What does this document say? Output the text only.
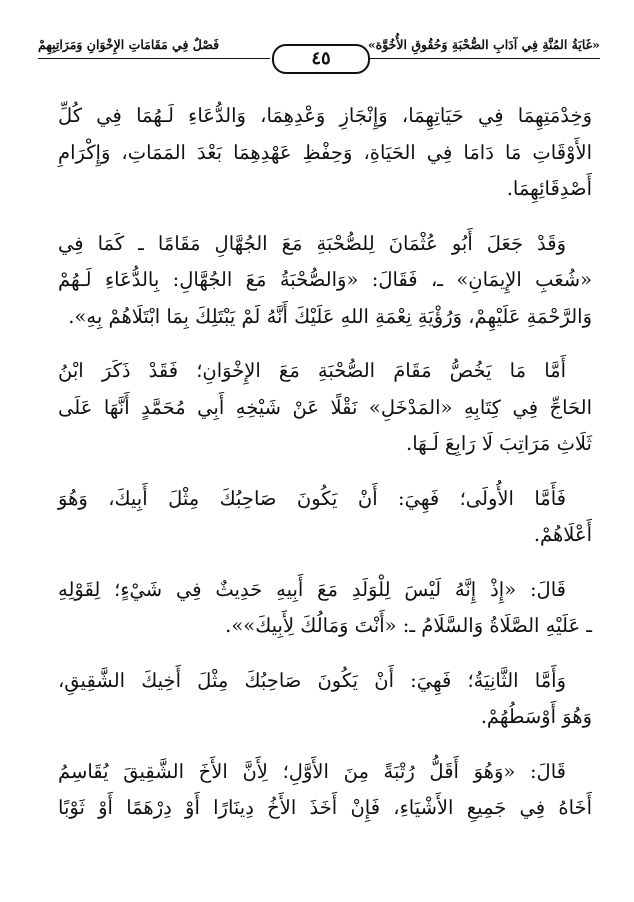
«غَايَةُ المُنَّةِ فِي آدَابِ الصُّحْبَةِ وَحُقُوقِ الأُخُوَّة»
فَصْلٌ فِي مَقَامَاتِ الإِخْوَانِ وَمَرَاتِبِهِمْ
٤٥
وَخِدْمَتِهِمَا فِي حَيَاتِهِمَا، وَإِنْجَازِ وَعْدِهِمَا، وَالدُّعَاءِ لَـهُمَا فِي كُلِّ
الأَوْقَاتِ مَا دَامَا فِي الحَيَاةِ، وَحِفْظِ عَهْدِهِمَا بَعْدَ المَمَاتِ، وَإِكْرَامِ
أَصْدِقَائِهِمَا.
وَقَدْ جَعَلَ أَبُو عُثْمَانَ لِلصُّحْبَةِ مَعَ الجُهَّالِ مَقَامًا ـ كَمَا فِي
«شُعَبِ الإِيمَانِ» ـ، فَقَالَ: «وَالصُّحْبَةُ مَعَ الجُهَّالِ: بِالدُّعَاءِ لَـهُمْ
وَالرَّحْمَةِ عَلَيْهِمْ، وَرُؤْيَةِ نِعْمَةِ اللهِ عَلَيْكَ أَنَّهُ لَمْ يَبْتَلِكَ بِمَا ابْتَلَاهُمْ بِهِ».
أَمَّا مَا يَخُصُّ مَقَامَ الصُّحْبَةِ مَعَ الإِخْوَانِ؛ فَقَدْ ذَكَرَ ابْنُ
الحَاجِّ فِي كِتَابِهِ «المَدْخَلِ» نَقْلًا عَنْ شَيْخِهِ أَبِي مُحَمَّدٍ أَنَّهَا عَلَى
ثَلَاثِ مَرَاتِبَ لَا رَابِعَ لَـهَا.
فَأَمَّا الأُولَى؛ فَهِيَ: أَنْ يَكُونَ صَاحِبُكَ مِثْلَ أَبِيكَ، وَهُوَ
أَعْلَاهُمْ.
قَالَ: «إِذْ إِنَّهُ لَيْسَ لِلْوَلَدِ مَعَ أَبِيهِ حَدِيثٌ فِي شَيْءٍ؛ لِقَوْلِهِ
ـ عَلَيْهِ الصَّلَاةُ وَالسَّلَامُ ـ: «أَنْتَ وَمَالُكَ لِأَبِيكَ»».
وَأَمَّا الثَّانِيَةُ؛ فَهِيَ: أَنْ يَكُونَ صَاحِبُكَ مِثْلَ أَخِيكَ الشَّقِيقِ،
وَهُوَ أَوْسَطُهُمْ.
قَالَ: «وَهُوَ أَقَلُّ رُتْبَةً مِنَ الأَوَّلِ؛ لِأَنَّ الأَخَ الشَّقِيقَ يُقَاسِمُ
أَخَاهُ فِي جَمِيعِ الأَشْيَاءِ، فَإِنْ أَخَذَ الأَخُ دِينَارًا أَوْ دِرْهَمًا أَوْ ثَوْبًا
